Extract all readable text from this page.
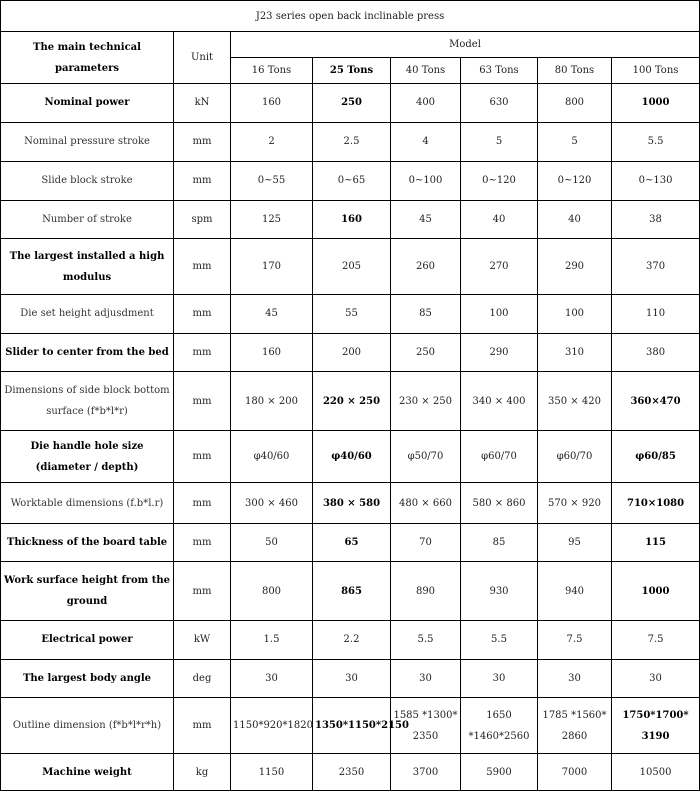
J23 series open back inclinable press							
The main technical parameters	Unit	Model					
		16 Tons	25 Tons	40 Tons	63 Tons	80 Tons	100 Tons
Nominal power	kN	160	250	400	630	800	1000
Nominal pressure stroke	mm	2	2.5	4	5	5	5.5
Slide block stroke	mm	0~55	0~65	0~100	0~120	0~120	0~130
Number of stroke	spm	125	160	45	40	40	38
The largest installed a high modulus	mm	170	205	260	270	290	370
Die set height adjusdment	mm	45	55	85	100	100	110
Slider to center from the bed	mm	160	200	250	290	310	380
Dimensions of side block bottom surface (f*b*l*r)	mm	180 × 200	220 × 250	230 × 250	340 × 400	350 × 420	360×470
Die handle hole size (diameter / depth)	mm	φ40/60	φ40/60	φ50/70	φ60/70	φ60/70	φ60/85
Worktable dimensions (f.b*l.r)	mm	300 × 460	380 × 580	480 × 660	580 × 860	570 × 920	710×1080
Thickness of the board table	mm	50	65	70	85	95	115
Work surface height from the ground	mm	800	865	890	930	940	1000
Electrical power	kW	1.5	2.2	5.5	5.5	7.5	7.5
The largest body angle	deg	30	30	30	30	30	30
Outline dimension (f*b*l*r*h)	mm	1150*920*1820	1350*1150*2150	1585 *1300* 2350	1650 *1460*2560	1785 *1560* 2860	1750*1700* 3190
Machine weight	kg	1150	2350	3700	5900	7000	10500
